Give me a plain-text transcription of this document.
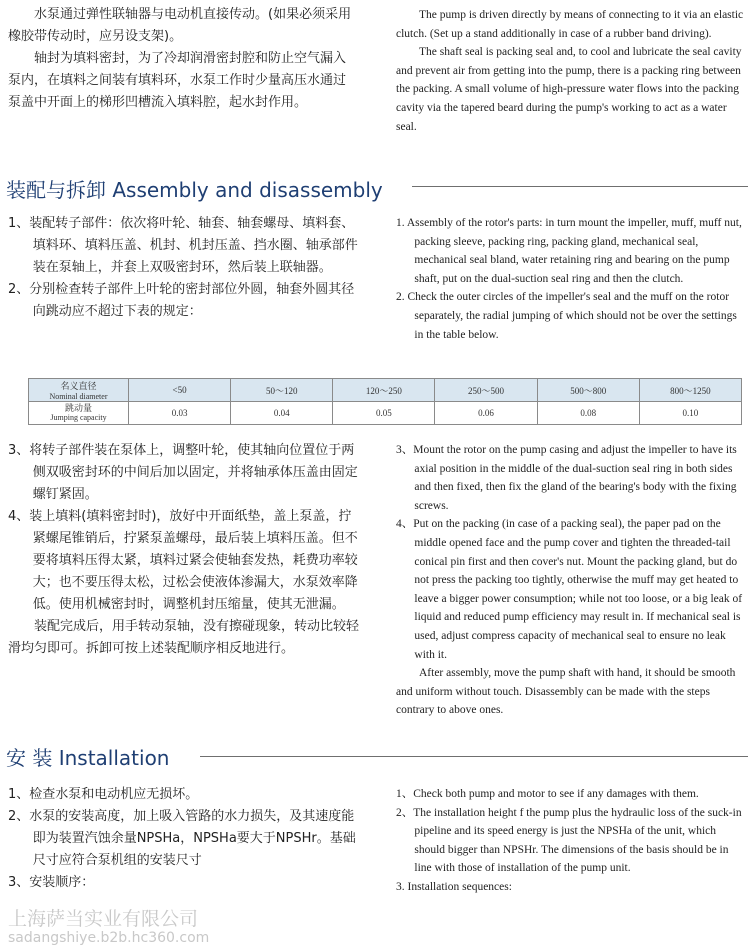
水泵通过弹性联轴器与电动机直接传动。(如果必须采用橡胶带传动时，应另设支架)。

轴封为填料密封，为了冷却润滑密封腔和防止空气漏入泵内，在填料之间装有填料环，水泵工作时少量高压水通过泵盖中开面上的梯形凹槽流入填料腔，起水封作用。

The pump is driven directly by means of connecting to it via an elastic clutch. (Set up a stand additionally in case of a rubber band driving).

The shaft seal is packing seal and, to cool and lubricate the seal cavity and prevent air from getting into the pump, there is a packing ring between the packing. A small volume of high-pressure water flows into the packing cavity via the tapered beard during the pump's working to act as a water seal.

装配与拆卸 Assembly and disassembly

1、装配转子部件：依次将叶轮、轴套、轴套螺母、填料套、填料环、填料压盖、机封、机封压盖、挡水圈、轴承部件装在泵轴上，并套上双吸密封环，然后装上联轴器。

2、分别检查转子部件上叶轮的密封部位外圆，轴套外圆其径向跳动应不超过下表的规定：

1. Assembly of the rotor's parts: in turn mount the impeller, muff, muff nut, packing sleeve, packing ring, packing gland, mechanical seal, mechanical seal bland, water retaining ring and bearing on the pump shaft, put on the dual-suction seal ring and then the clutch.

2. Check the outer circles of the impeller's seal and the muff on the rotor separately, the radial jumping of which should not be over the settings in the table below.

名义直径
Nominal diameter	<50	50～120	120～250	250～500	500～800	800～1250

跳动量
Jumping capacity	0.03	0.04	0.05	0.06	0.08	0.10

3、将转子部件装在泵体上，调整叶轮，使其轴向位置位于两侧双吸密封环的中间后加以固定，并将轴承体压盖由固定螺钉紧固。

4、装上填料(填料密封时)，放好中开面纸垫，盖上泵盖，拧紧螺尾锥销后，拧紧泵盖螺母，最后装上填料压盖。但不要将填料压得太紧，填料过紧会使轴套发热，耗费功率较大；也不要压得太松，过松会使液体渗漏大，水泵效率降低。使用机械密封时，调整机封压缩量，使其无泄漏。

装配完成后，用手转动泵轴，没有擦碰现象，转动比较轻滑均匀即可。拆卸可按上述装配顺序相反地进行。

3、Mount the rotor on the pump casing and adjust the impeller to have its axial position in the middle of the dual-suction seal ring in both sides and then fixed, then fix the gland of the bearing's body with the fixing screws.

4、Put on the packing (in case of a packing seal), the paper pad on the middle opened face and the pump cover and tighten the threaded-tail conical pin first and then cover's nut. Mount the packing gland, but do not press the packing too tightly, otherwise the muff may get heated to leave a bigger power consumption; while not too loose, or a big leak of liquid and reduced pump efficiency may result in. If mechanical seal is used, adjust compress capacity of mechanical seal to ensure no leak with it.

After assembly, move the pump shaft with hand, it should be smooth and uniform without touch. Disassembly can be made with the steps contrary to above ones.

安 装 Installation

1、检查水泵和电动机应无损坏。

2、水泵的安装高度，加上吸入管路的水力损失，及其速度能即为装置汽蚀余量NPSHa，NPSHa要大于NPSHr。基础尺寸应符合泵机组的安装尺寸

3、安装顺序：

1、Check both pump and motor to see if any damages with them.

2、The installation height f the pump plus the hydraulic loss of the suck-in pipeline and its speed energy is just the NPSHa of the unit, which should bigger than NPSHr. The dimensions of the basis should be in line with those of installation of the pump unit.

3. Installation sequences:

上海萨当实业有限公司
sadangshiye.b2b.hc360.com
